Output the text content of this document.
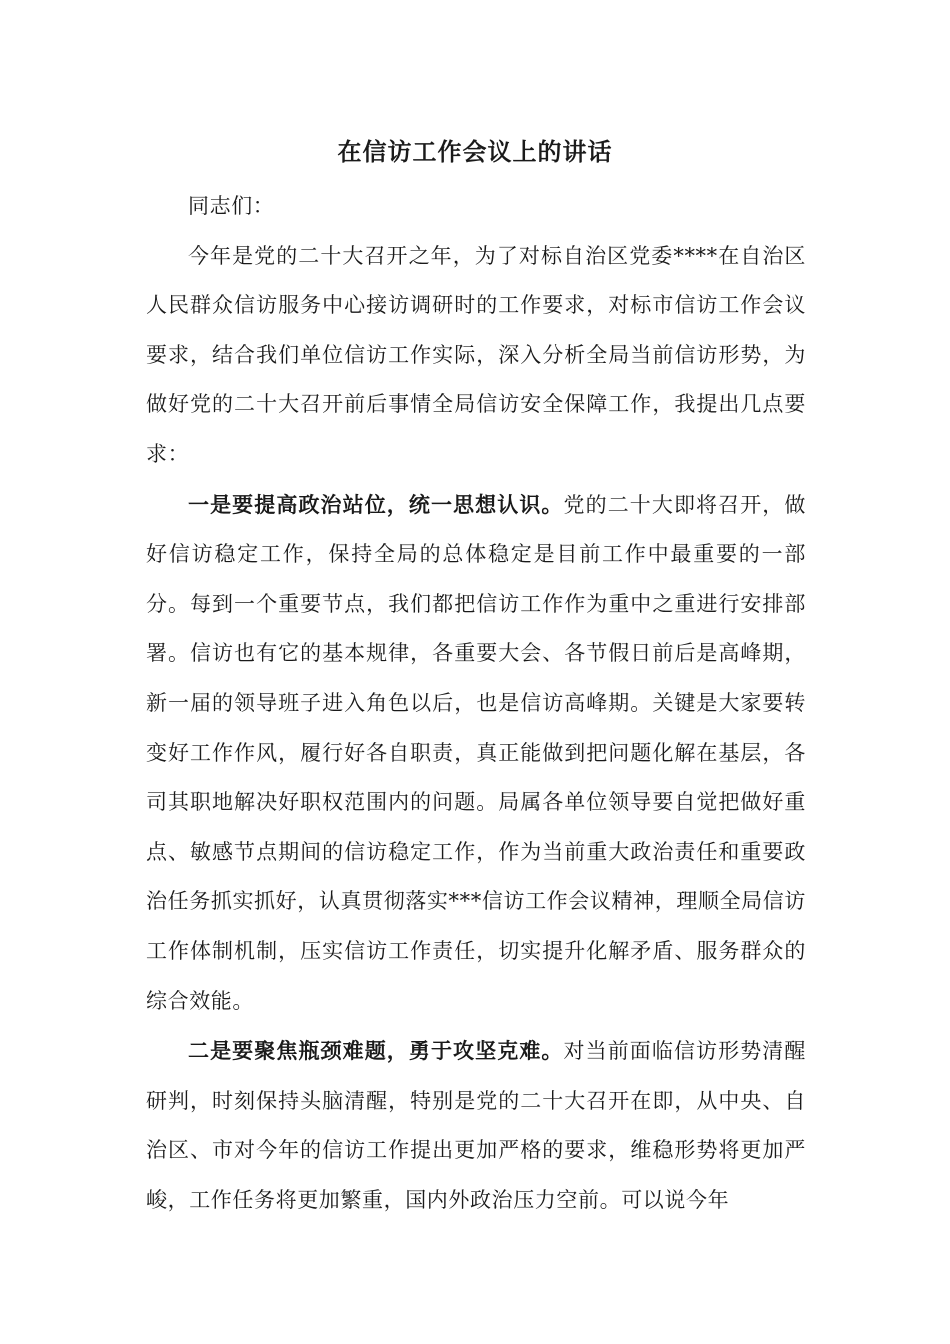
在信访工作会议上的讲话

同志们：

今年是党的二十大召开之年，为了对标自治区党委****在自治区人民群众信访服务中心接访调研时的工作要求，对标市信访工作会议要求，结合我们单位信访工作实际，深入分析全局当前信访形势，为做好党的二十大召开前后事情全局信访安全保障工作，我提出几点要求：

一是要提高政治站位，统一思想认识。党的二十大即将召开，做好信访稳定工作，保持全局的总体稳定是目前工作中最重要的一部分。每到一个重要节点，我们都把信访工作作为重中之重进行安排部署。信访也有它的基本规律，各重要大会、各节假日前后是高峰期，新一届的领导班子进入角色以后，也是信访高峰期。关键是大家要转变好工作作风，履行好各自职责，真正能做到把问题化解在基层，各司其职地解决好职权范围内的问题。局属各单位领导要自觉把做好重点、敏感节点期间的信访稳定工作，作为当前重大政治责任和重要政治任务抓实抓好，认真贯彻落实***信访工作会议精神，理顺全局信访工作体制机制，压实信访工作责任，切实提升化解矛盾、服务群众的综合效能。

二是要聚焦瓶颈难题，勇于攻坚克难。对当前面临信访形势清醒研判，时刻保持头脑清醒，特别是党的二十大召开在即，从中央、自治区、市对今年的信访工作提出更加严格的要求，维稳形势将更加严峻，工作任务将更加繁重，国内外政治压力空前。可以说今年
